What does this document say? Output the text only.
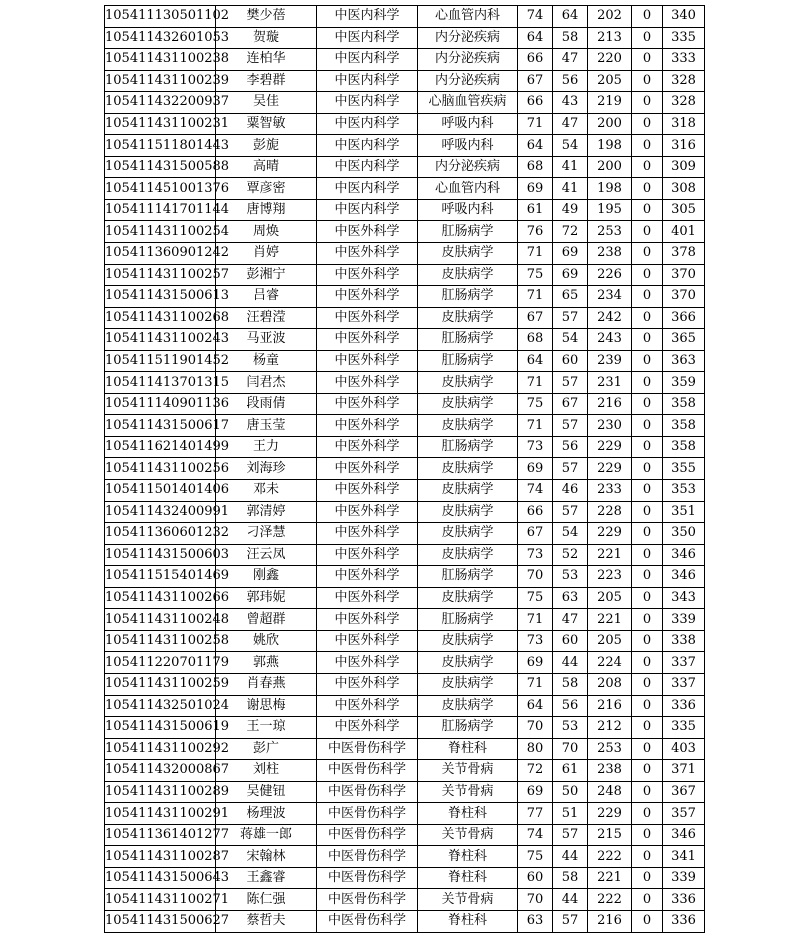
105411130501102	樊少蓓	中医内科学	心血管内科	74	64	202	0	340
105411432601053	贺璇	中医内科学	内分泌疾病	64	58	213	0	335
105411431100238	连柏华	中医内科学	内分泌疾病	66	47	220	0	333
105411431100239	李碧群	中医内科学	内分泌疾病	67	56	205	0	328
105411432200937	吴佳	中医内科学	心脑血管疾病	66	43	219	0	328
105411431100231	粟智敏	中医内科学	呼吸内科	71	47	200	0	318
105411511801443	彭旎	中医内科学	呼吸内科	64	54	198	0	316
105411431500588	高晴	中医内科学	内分泌疾病	68	41	200	0	309
105411451001376	覃彦密	中医内科学	心血管内科	69	41	198	0	308
105411141701144	唐博翔	中医内科学	呼吸内科	61	49	195	0	305
105411431100254	周焕	中医外科学	肛肠病学	76	72	253	0	401
105411360901242	肖婷	中医外科学	皮肤病学	71	69	238	0	378
105411431100257	彭湘宁	中医外科学	皮肤病学	75	69	226	0	370
105411431500613	吕睿	中医外科学	肛肠病学	71	65	234	0	370
105411431100268	汪碧滢	中医外科学	皮肤病学	67	57	242	0	366
105411431100243	马亚波	中医外科学	肛肠病学	68	54	243	0	365
105411511901452	杨童	中医外科学	肛肠病学	64	60	239	0	363
105411413701315	闫君杰	中医外科学	皮肤病学	71	57	231	0	359
105411140901136	段雨倩	中医外科学	皮肤病学	75	67	216	0	358
105411431500617	唐玉莹	中医外科学	皮肤病学	71	57	230	0	358
105411621401499	王力	中医外科学	肛肠病学	73	56	229	0	358
105411431100256	刘海珍	中医外科学	皮肤病学	69	57	229	0	355
105411501401406	邓未	中医外科学	皮肤病学	74	46	233	0	353
105411432400991	郭清婷	中医外科学	皮肤病学	66	57	228	0	351
105411360601232	刁泽慧	中医外科学	皮肤病学	67	54	229	0	350
105411431500603	汪云凤	中医外科学	皮肤病学	73	52	221	0	346
105411515401469	刚鑫	中医外科学	肛肠病学	70	53	223	0	346
105411431100266	郭玮妮	中医外科学	皮肤病学	75	63	205	0	343
105411431100248	曾超群	中医外科学	肛肠病学	71	47	221	0	339
105411431100258	姚欣	中医外科学	皮肤病学	73	60	205	0	338
105411220701179	郭燕	中医外科学	皮肤病学	69	44	224	0	337
105411431100259	肖春燕	中医外科学	皮肤病学	71	58	208	0	337
105411432501024	谢思梅	中医外科学	皮肤病学	64	56	216	0	336
105411431500619	王一琼	中医外科学	肛肠病学	70	53	212	0	335
105411431100292	彭广	中医骨伤科学	脊柱科	80	70	253	0	403
105411432000867	刘柱	中医骨伤科学	关节骨病	72	61	238	0	371
105411431100289	吴健钮	中医骨伤科学	关节骨病	69	50	248	0	367
105411431100291	杨理波	中医骨伤科学	脊柱科	77	51	229	0	357
105411361401277	蒋雄一郎	中医骨伤科学	关节骨病	74	57	215	0	346
105411431100287	宋翰林	中医骨伤科学	脊柱科	75	44	222	0	341
105411431500643	王鑫睿	中医骨伤科学	脊柱科	60	58	221	0	339
105411431100271	陈仁强	中医骨伤科学	关节骨病	70	44	222	0	336
105411431500627	蔡哲夫	中医骨伤科学	脊柱科	63	57	216	0	336
